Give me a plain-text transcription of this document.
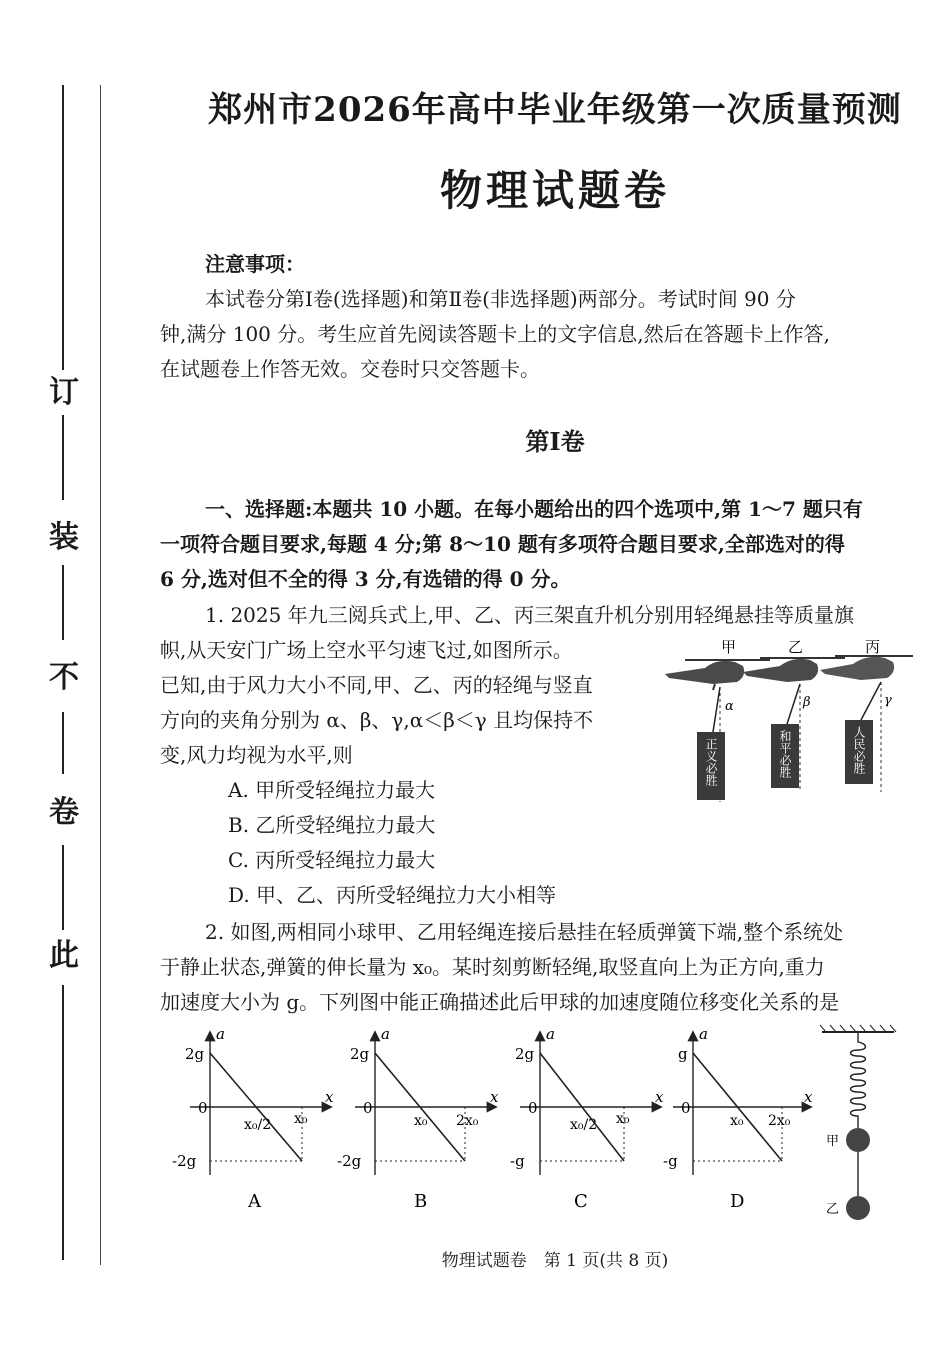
订
装
不
卷
此
郑州市2026年高中毕业年级第一次质量预测
物理试题卷
注意事项：
本试卷分第Ⅰ卷(选择题)和第Ⅱ卷(非选择题)两部分。考试时间 90 分
钟,满分 100 分。考生应首先阅读答题卡上的文字信息,然后在答题卡上作答,
在试题卷上作答无效。交卷时只交答题卡。
第Ⅰ卷
一、选择题:本题共 10 小题。在每小题给出的四个选项中,第 1～7 题只有
一项符合题目要求,每题 4 分;第 8～10 题有多项符合题目要求,全部选对的得
6 分,选对但不全的得 3 分,有选错的得 0 分。
1. 2025 年九三阅兵式上,甲、乙、丙三架直升机分别用轻绳悬挂等质量旗
帜,从天安门广场上空水平匀速飞过,如图所示。
已知,由于风力大小不同,甲、乙、丙的轻绳与竖直
方向的夹角分别为 α、β、γ,α＜β＜γ 且均保持不
变,风力均视为水平,则
A. 甲所受轻绳拉力最大
B. 乙所受轻绳拉力最大
C. 丙所受轻绳拉力最大
D. 甲、乙、丙所受轻绳拉力大小相等
甲	乙	丙
α	β	γ
正义必胜	和平必胜	人民必胜
2. 如图,两相同小球甲、乙用轻绳连接后悬挂在轻质弹簧下端,整个系统处
于静止状态,弹簧的伸长量为 x₀。某时刻剪断轻绳,取竖直向上为正方向,重力
加速度大小为 g。下列图中能正确描述此后甲球的加速度随位移变化关系的是
a
x
0
2g
-2g
x₀/2 x₀
A
a
x
0
2g
-2g
x₀ 2x₀
B
a
x
0
2g
-g
x₀/2 x₀
C
a
x
0
g
-g
x₀ 2x₀
D
甲
乙
物理试题卷　第 1 页(共 8 页)
